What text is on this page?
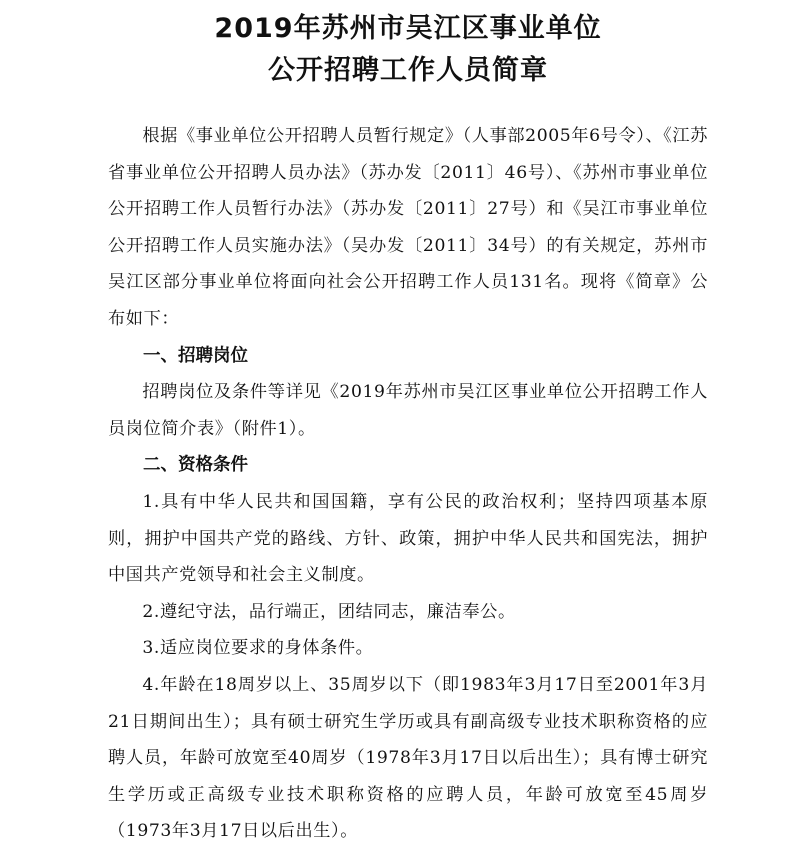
2019年苏州市吴江区事业单位
公开招聘工作人员简章

根据《事业单位公开招聘人员暂行规定》（人事部2005年6号令）、《江苏省事业单位公开招聘人员办法》（苏办发〔2011〕46号）、《苏州市事业单位公开招聘工作人员暂行办法》（苏办发〔2011〕27号）和《吴江市事业单位公开招聘工作人员实施办法》（吴办发〔2011〕34号）的有关规定，苏州市吴江区部分事业单位将面向社会公开招聘工作人员131名。现将《简章》公布如下：

一、招聘岗位

招聘岗位及条件等详见《2019年苏州市吴江区事业单位公开招聘工作人员岗位简介表》（附件1）。

二、资格条件

1.具有中华人民共和国国籍，享有公民的政治权利；坚持四项基本原则，拥护中国共产党的路线、方针、政策，拥护中华人民共和国宪法，拥护中国共产党领导和社会主义制度。

2.遵纪守法，品行端正，团结同志，廉洁奉公。

3.适应岗位要求的身体条件。

4.年龄在18周岁以上、35周岁以下（即1983年3月17日至2001年3月21日期间出生）；具有硕士研究生学历或具有副高级专业技术职称资格的应聘人员，年龄可放宽至40周岁（1978年3月17日以后出生）；具有博士研究生学历或正高级专业技术职称资格的应聘人员，年龄可放宽至45周岁（1973年3月17日以后出生）。
